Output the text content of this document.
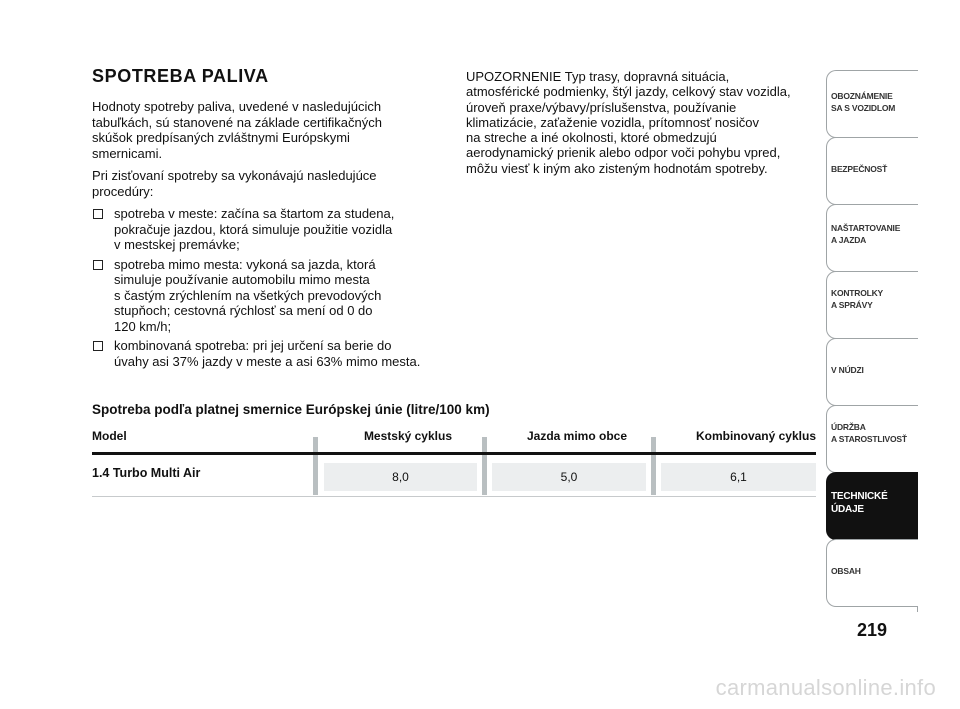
SPOTREBA PALIVA

Hodnoty spotreby paliva, uvedené v nasledujúcich
tabuľkách, sú stanovené na základe certifikačných
skúšok predpísaných zvláštnymi Európskymi
smernicami.

Pri zisťovaní spotreby sa vykonávajú nasledujúce
procedúry:

spotreba v meste: začína sa štartom za studena,
pokračuje jazdou, ktorá simuluje použitie vozidla
v mestskej premávke;
spotreba mimo mesta: vykoná sa jazda, ktorá
simuluje používanie automobilu mimo mesta
s častým zrýchlením na všetkých prevodových
stupňoch; cestovná rýchlosť sa mení od 0 do
120 km/h;
kombinovaná spotreba: pri jej určení sa berie do
úvahy asi 37% jazdy v meste a asi 63% mimo mesta.

UPOZORNENIE Typ trasy, dopravná situácia,
atmosférické podmienky, štýl jazdy, celkový stav vozidla,
úroveň praxe/výbavy/príslušenstva, používanie
klimatizácie, zaťaženie vozidla, prítomnosť nosičov
na streche a iné okolnosti, ktoré obmedzujú
aerodynamický prienik alebo odpor voči pohybu vpred,
môžu viesť k iným ako zisteným hodnotám spotreby.

Spotreba podľa platnej smernice Európskej únie (litre/100 km)
Model	Mestský cyklus	Jazda mimo obce	Kombinovaný cyklus
1.4 Turbo Multi Air	8,0	5,0	6,1
OBOZNÁMENIE
SA S VOZIDLOM
BEZPEČNOSŤ
NAŠTARTOVANIE
A JAZDA
KONTROLKY
A SPRÁVY
V NÚDZI
ÚDRŽBA
A STAROSTLIVOSŤ
TECHNICKÉ
ÚDAJE
OBSAH
219
carmanualsonline.info
